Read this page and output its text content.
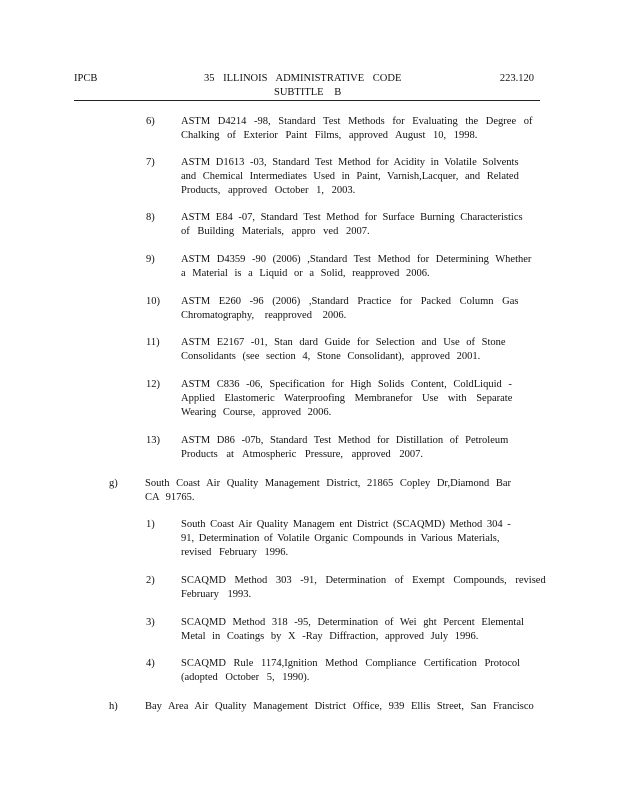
IPCB	35 ILLINOIS ADMINISTRATIVE CODE	223.120
SUBTITLE B
6)	ASTM D4214 -98, Standard Test Methods for Evaluating the Degree of
Chalking of Exterior Paint Films, approved August 10, 1998.
7)	ASTM D1613 -03, Standard Test Method for Acidity in Volatile Solvents
and Chemical Intermediates Used in Paint, Varnish,Lacquer, and Related
Products, approved October 1, 2003.
8)	ASTM E84 -07, Standard Test Method for Surface Burning Characteristics
of Building Materials, appro ved 2007.
9)	ASTM D4359 -90 (2006) ,Standard Test Method for Determining Whether
a Material is a Liquid or a Solid, reapproved 2006.
10) ASTM E260 -96 (2006) ,Standard Practice for Packed Column Gas
Chromatography, reapproved 2006.
11) ASTM E2167 -01, Stan dard Guide for Selection and Use of Stone
Consolidants (see section 4, Stone Consolidant), approved 2001.
12) ASTM C836 -06, Specification for High Solids Content, ColdLiquid -
Applied Elastomeric Waterproofing Membranefor Use with Separate
Wearing Course, approved 2006.
13) ASTM D86 -07b, Standard Test Method for Distillation of Petroleum
Products at Atmospheric Pressure, approved 2007.
g)	South Coast Air Quality Management District, 21865 Copley Dr,Diamond Bar
CA 91765.
1)	South Coast Air Quality Managem ent District (SCAQMD) Method 304 -
91, Determination of Volatile Organic Compounds in Various Materials,
revised February 1996.
2)	SCAQMD Method 303 -91, Determination of Exempt Compounds, revised
February 1993.
3)	SCAQMD Method 318 -95, Determination of Wei ght Percent Elemental
Metal in Coatings by X -Ray Diffraction, approved July 1996.
4)	SCAQMD Rule 1174,Ignition Method Compliance Certification Protocol
(adopted October 5, 1990).
h)	Bay Area Air Quality Management District Office, 939 Ellis Street, San Francisco
